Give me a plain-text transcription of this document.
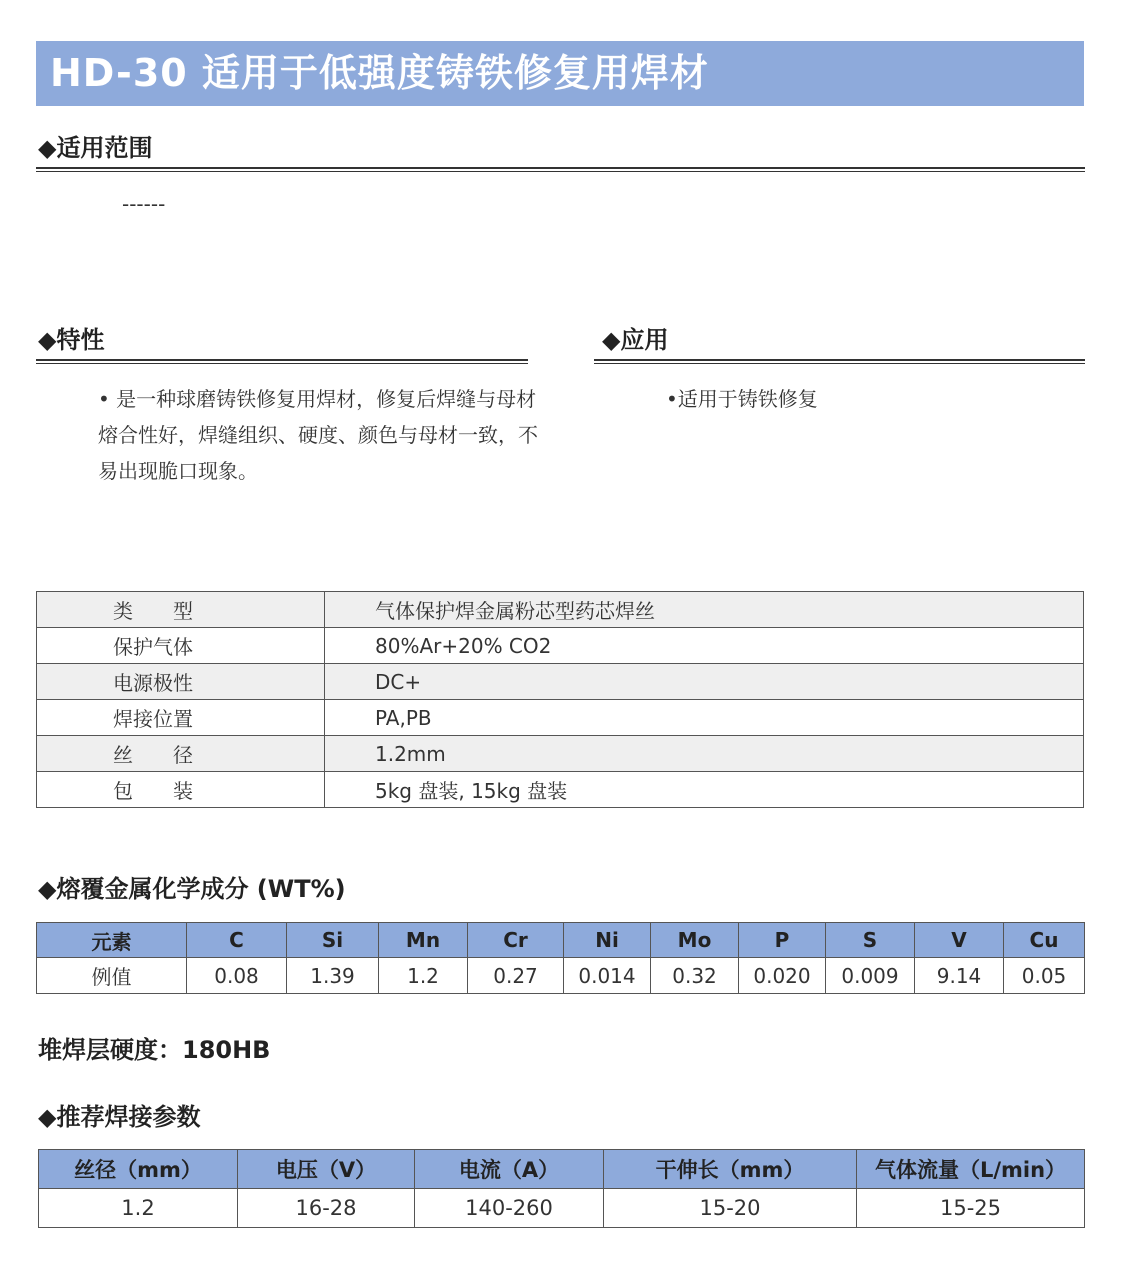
HD-30 适用于低强度铸铁修复用焊材
◆适用范围
------
◆特性
• 是一种球磨铸铁修复用焊材，修复后焊缝与母材熔合性好，焊缝组织、硬度、颜色与母材一致，不易出现脆口现象。
◆应用
•适用于铸铁修复
类　　型	气体保护焊金属粉芯型药芯焊丝
保护气体	80%Ar+20% CO2
电源极性	DC+
焊接位置	PA,PB
丝　　径	1.2mm
包　　装	5kg 盘装, 15kg 盘装
◆熔覆金属化学成分 (WT%)
元素	C	Si	Mn	Cr	Ni	Mo	P	S	V	Cu
例值	0.08	1.39	1.2	0.27	0.014	0.32	0.020	0.009	9.14	0.05
堆焊层硬度：180HB
◆推荐焊接参数
丝径（mm）	电压（V）	电流（A）	干伸长（mm）	气体流量（L/min）
1.2	16-28	140-260	15-20	15-25
